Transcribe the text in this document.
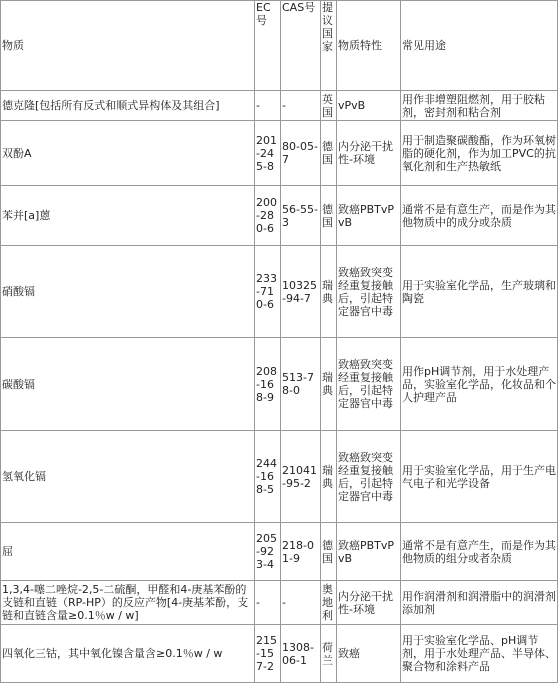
物质	EC号	CAS号	提议国家	物质特性	常见用途
德克隆[包括所有反式和顺式异构体及其组合]	-	-	英国	vPvB	用作非增塑阻燃剂，用于胶粘剂，密封剂和粘合剂
双酚A	201-245-8	80-05-7	德国	内分泌干扰性-环境	用于制造聚碳酸酯，作为环氧树脂的硬化剂，作为加工PVC的抗氧化剂和生产热敏纸
苯并[a]蒽	200-280-6	56-55-3	德国	致癌PBTvPvB	通常不是有意生产，而是作为其他物质中的成分或杂质
硝酸镉	233-710-6	10325-94-7	瑞典	致癌致突变经重复接触后，引起特定器官中毒	用于实验室化学品，生产玻璃和陶瓷
碳酸镉	208-168-9	513-78-0	瑞典	致癌致突变经重复接触后，引起特定器官中毒	用作pH调节剂，用于水处理产品，实验室化学品，化妆品和个人护理产品
氢氧化镉	244-168-5	21041-95-2	瑞典	致癌致突变经重复接触后，引起特定器官中毒	用于实验室化学品，用于生产电气电子和光学设备
屈	205-923-4	218-01-9	德国	致癌PBTvPvB	通常不是有意产生，而是作为其他物质的组分或者杂质
1,3,4-噻二唑烷-2,5-二硫酮，甲醛和4-庚基苯酚的支链和直链（RP-HP）的反应产物[4-庚基苯酚，支链和直链含量≥0.1％w / w]	-	-	奥地利	内分泌干扰性-环境	用作润滑剂和润滑脂中的润滑剂添加剂
四氧化三钴，其中氧化镍含量含≥0.1％w / w	215-157-2	1308-06-1	荷兰	致癌	用于实验室化学品、pH调节剂，用于水处理产品、半导体、聚合物和涂料产品
